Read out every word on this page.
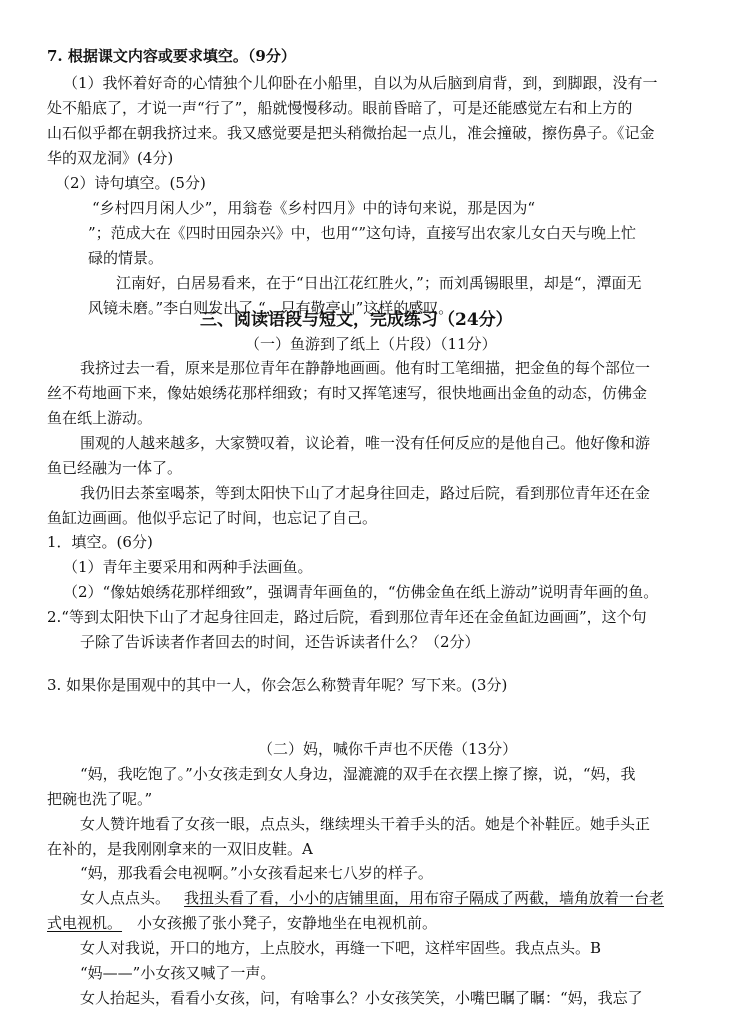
7. 根据课文内容或要求填空。（9分）
（1）我怀着好奇的心情独个儿仰卧在小船里，自以为从后脑到肩背，到，到脚跟，没有一
处不船底了，才说一声“行了”，船就慢慢移动。眼前昏暗了，可是还能感觉左右和上方的
山石似乎都在朝我挤过来。我又感觉要是把头稍微抬起一点儿，准会撞破，擦伤鼻子。《记金
华的双龙洞》(4分)
（2）诗句填空。(5分)
“乡村四月闲人少”，用翁卷《乡村四月》中的诗句来说，那是因为“
”；范成大在《四时田园杂兴》中，也用“”这句诗，直接写出农家儿女白天与晚上忙
碌的情景。
江南好，白居易看来，在于“日出江花红胜火，”；而刘禹锡眼里，却是“，潭面无
风镜未磨。”李白则发出了 “，只有敬亭山”这样的感叹。
三、阅读语段与短文，完成练习（24分）
（一）鱼游到了纸上（片段）（11分）
我挤过去一看，原来是那位青年在静静地画画。他有时工笔细描，把金鱼的每个部位一
丝不苟地画下来，像姑娘绣花那样细致；有时又挥笔速写，很快地画出金鱼的动态，仿佛金
鱼在纸上游动。
围观的人越来越多，大家赞叹着，议论着，唯一没有任何反应的是他自己。他好像和游
鱼已经融为一体了。
我仍旧去茶室喝茶，等到太阳快下山了才起身往回走，路过后院，看到那位青年还在金
鱼缸边画画。他似乎忘记了时间，也忘记了自己。
1．填空。(6分)
（1）青年主要采用和两种手法画鱼。
（2）“像姑娘绣花那样细致”，强调青年画鱼的，“仿佛金鱼在纸上游动”说明青年画的鱼。
2.“等到太阳快下山了才起身往回走，路过后院，看到那位青年还在金鱼缸边画画”，这个句
子除了告诉读者作者回去的时间，还告诉读者什么？（2分）
3. 如果你是围观中的其中一人，你会怎么称赞青年呢？写下来。(3分)
（二）妈，喊你千声也不厌倦（13分）
“妈，我吃饱了。”小女孩走到女人身边，湿漉漉的双手在衣摆上擦了擦，说，“妈，我
把碗也洗了呢。”
女人赞许地看了女孩一眼，点点头，继续埋头干着手头的活。她是个补鞋匠。她手头正
在补的，是我刚刚拿来的一双旧皮鞋。A
“妈，那我看会电视啊。”小女孩看起来七八岁的样子。
女人点点头。 我扭头看了看，小小的店铺里面，用布帘子隔成了两截，墙角放着一台老
式电视机。 小女孩搬了张小凳子，安静地坐在电视机前。
女人对我说，开口的地方，上点胶水，再缝一下吧，这样牢固些。我点点头。B
“妈——”小女孩又喊了一声。
女人抬起头，看看小女孩，问，有啥事么？小女孩笑笑，小嘴巴瞩了瞩：“妈，我忘了
